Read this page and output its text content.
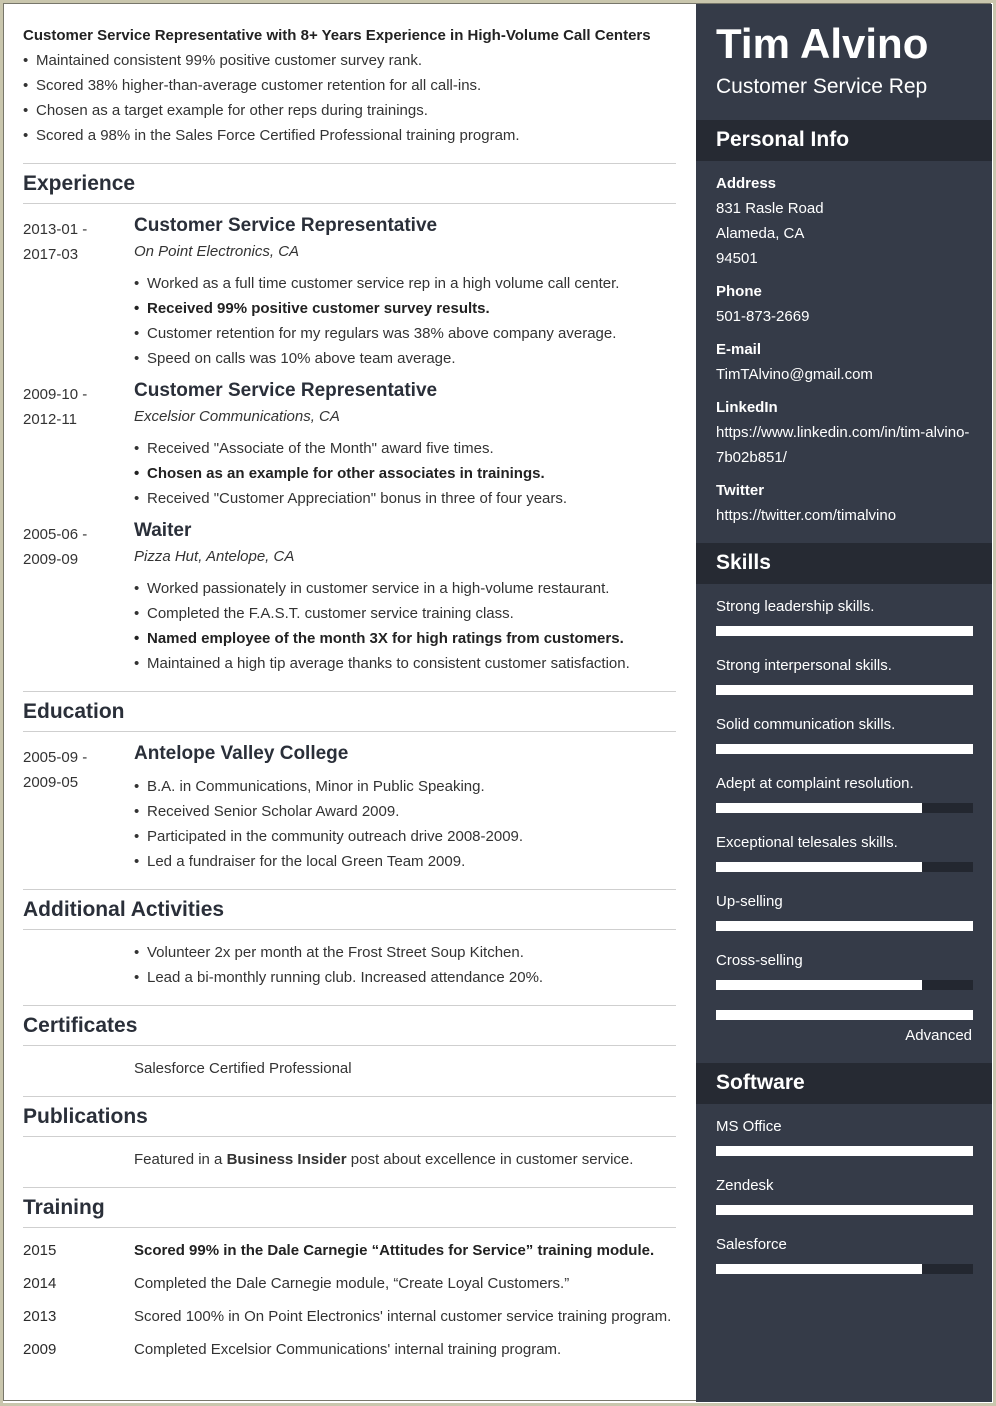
Customer Service Representative with 8+ Years Experience in High-Volume Call Centers
• Maintained consistent 99% positive customer survey rank.
• Scored 38% higher-than-average customer retention for all call-ins.
• Chosen as a target example for other reps during trainings.
• Scored a 98% in the Sales Force Certified Professional training program.
Experience
2013-01 -
2017-03
Customer Service Representative
On Point Electronics, CA
• Worked as a full time customer service rep in a high volume call center.
• Received 99% positive customer survey results.
• Customer retention for my regulars was 38% above company average.
• Speed on calls was 10% above team average.
2009-10 -
2012-11
Customer Service Representative
Excelsior Communications, CA
• Received "Associate of the Month" award five times.
• Chosen as an example for other associates in trainings.
• Received "Customer Appreciation" bonus in three of four years.
2005-06 -
2009-09
Waiter
Pizza Hut, Antelope, CA
• Worked passionately in customer service in a high-volume restaurant.
• Completed the F.A.S.T. customer service training class.
• Named employee of the month 3X for high ratings from customers.
• Maintained a high tip average thanks to consistent customer satisfaction.
Education
2005-09 -
2009-05
Antelope Valley College
• B.A. in Communications, Minor in Public Speaking.
• Received Senior Scholar Award 2009.
• Participated in the community outreach drive 2008-2009.
• Led a fundraiser for the local Green Team 2009.
Additional Activities
• Volunteer 2x per month at the Frost Street Soup Kitchen.
• Lead a bi-monthly running club. Increased attendance 20%.
Certificates
Salesforce Certified Professional
Publications
Featured in a Business Insider post about excellence in customer service.
Training
2015	Scored 99% in the Dale Carnegie “Attitudes for Service” training module.
2014	Completed the Dale Carnegie module, “Create Loyal Customers.”
2013	Scored 100% in On Point Electronics' internal customer service training program.
2009	Completed Excelsior Communications' internal training program.
Tim Alvino
Customer Service Rep
Personal Info
Address
831 Rasle Road
Alameda, CA
94501
Phone
501-873-2669
E-mail
TimTAlvino@gmail.com
LinkedIn
https://www.linkedin.com/in/tim-alvino-
7b02b851/
Twitter
https://twitter.com/timalvino
Skills
Strong leadership skills.
Strong interpersonal skills.
Solid communication skills.
Adept at complaint resolution.
Exceptional telesales skills.
Up-selling
Cross-selling
Advanced
Software
MS Office
Zendesk
Salesforce
